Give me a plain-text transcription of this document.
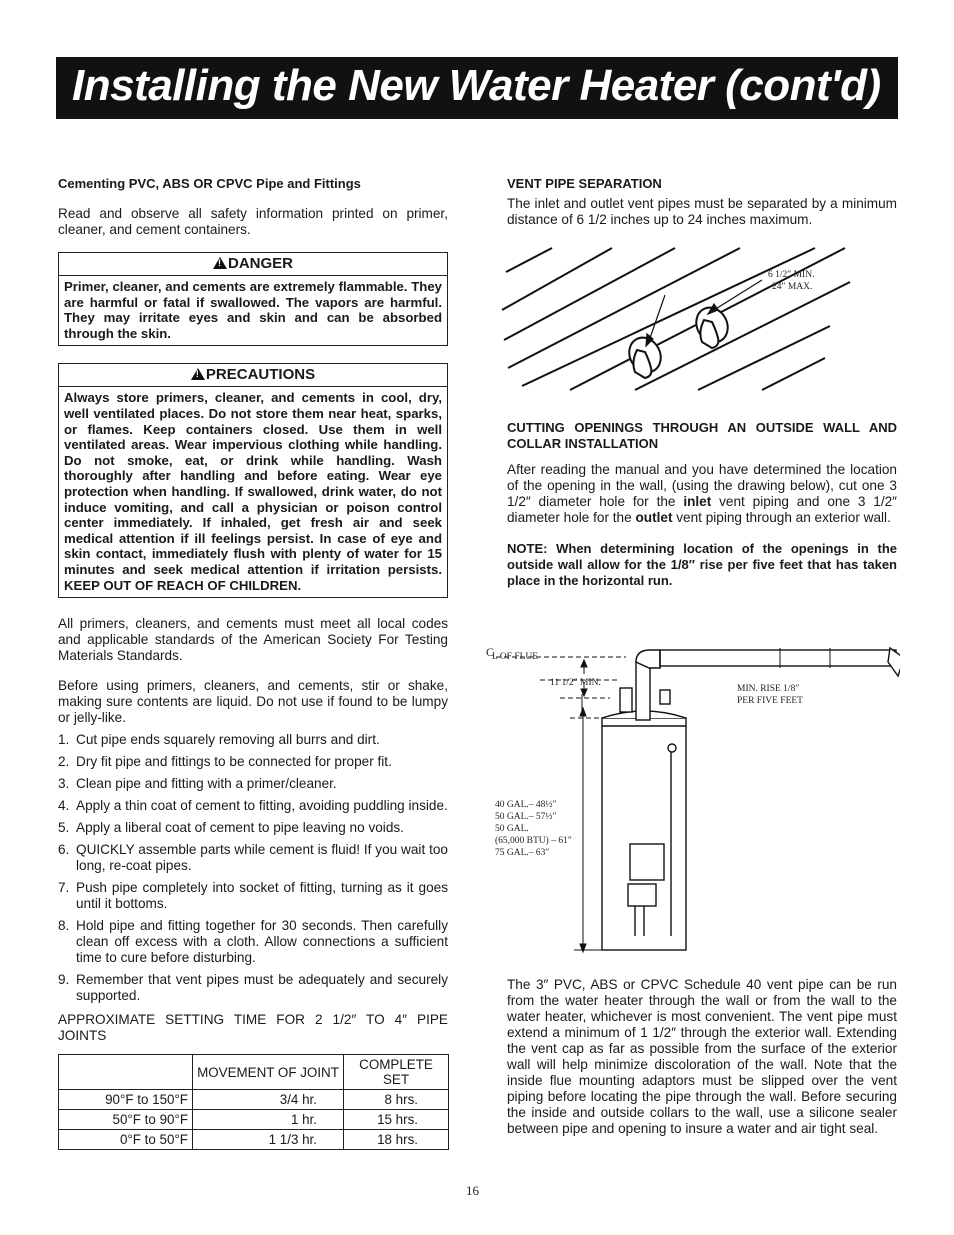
Installing the New Water Heater (cont'd)

Cementing PVC, ABS OR CPVC Pipe and Fittings

Read and observe all safety information printed on primer, cleaner, and cement containers.

!DANGER
Primer, cleaner, and cements are extremely flammable. They are harmful or fatal if swallowed. The vapors are harmful. They may irritate eyes and skin and can be absorbed through the skin.
!PRECAUTIONS
Always store primers, cleaner, and cements in cool, dry, well ventilated places. Do not store them near heat, sparks, or flames. Keep containers closed. Use them in well ventilated areas. Wear impervious clothing while handling. Do not smoke, eat, or drink while handling. Wash thoroughly after handling and before eating. Wear eye protection when handling. If swallowed, drink water, do not induce vomiting, and call a physician or poison control center immediately. If inhaled, get fresh air and seek medical attention if ill feelings persist. In case of eye and skin contact, immediately flush with plenty of water for 15 minutes and seek medical attention if irritation persists. KEEP OUT OF REACH OF CHILDREN.

All primers, cleaners, and cements must meet all local codes and applicable standards of the American Society For Testing Materials Standards.

Before using primers, cleaners, and cements, stir or shake, making sure contents are liquid. Do not use if found to be lumpy or jelly-like.

1. Cut pipe ends squarely removing all burrs and dirt.
2. Dry fit pipe and fittings to be connected for proper fit.
3. Clean pipe and fitting with a primer/cleaner.
4. Apply a thin coat of cement to fitting, avoiding puddling inside.
5. Apply a liberal coat of cement to pipe leaving no voids.
6. QUICKLY assemble parts while cement is fluid! If you wait too long, re-coat pipes.
7. Push pipe completely into socket of fitting, turning as it goes until it bottoms.
8. Hold pipe and fitting together for 30 seconds. Then carefully clean off excess with a cloth. Allow connections a sufficient time to cure before disturbing.
9. Remember that vent pipes must be adequately and securely supported.

APPROXIMATE SETTING TIME FOR 2 1/2″ TO 4″ PIPE JOINTS

	MOVEMENT OF JOINT	COMPLETE SET
90°F to 150°F	3/4 hr.	8 hrs.
50°F to 90°F	1 hr.	15 hrs.
0°F to 50°F	1 1/3 hr.	18 hrs.

VENT PIPE SEPARATION

The inlet and outlet vent pipes must be separated by a minimum distance of 6 1/2 inches up to 24 inches maximum.

6 1/2″ MIN.
24″ MAX.

CUTTING OPENINGS THROUGH AN OUTSIDE WALL AND COLLAR INSTALLATION

After reading the manual and you have determined the location of the opening in the wall, (using the drawing below), cut one 3 1/2″ diameter hole for the inlet vent piping and one 3 1/2″ diameter hole for the outlet vent piping through an exterior wall.

NOTE: When determining location of the openings in the outside wall allow for the 1/8″ rise per five feet that has taken place in the horizontal run.

C
L OF FLUE
11 1/2″ MIN.
MIN. RISE 1/8″
PER FIVE FEET
40 GAL.– 48½″
50 GAL.– 57½″
50 GAL.
(65,000 BTU) – 61″
75 GAL.– 63″

The 3″ PVC, ABS or CPVC Schedule 40 vent pipe can be run from the water heater through the wall or from the wall to the water heater, whichever is most convenient. The vent pipe must extend a minimum of 1 1/2″ through the exterior wall. Extending the vent cap as far as possible from the surface of the exterior wall will help minimize discoloration of the wall. Note that the inside flue mounting adaptors must be slipped over the vent piping before locating the pipe through the wall. Before securing the inside and outside collars to the wall, use a silicone sealer between pipe and opening to insure a water and air tight seal.

16
